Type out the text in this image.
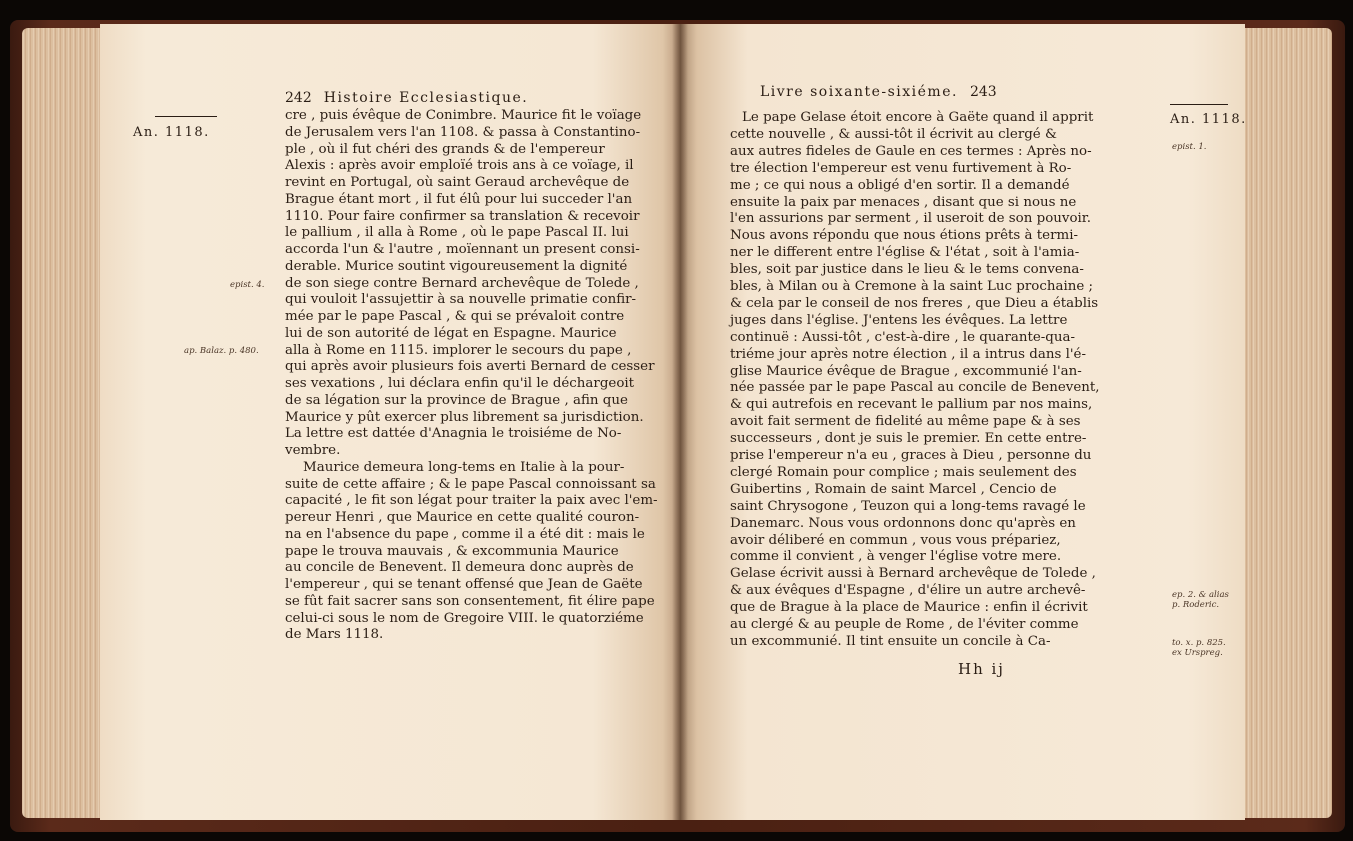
242 Histoire Ecclesiastique.
An. 1118.
epist. 4.
ap. Balaz. p. 480.
cre , puis évêque de Conimbre. Maurice fit le voïage
de Jerusalem vers l'an 1108. & passa à Constantino-
ple , où il fut chéri des grands & de l'empereur
Alexis : après avoir emploïé trois ans à ce voïage, il
revint en Portugal, où saint Geraud archevêque de
Brague étant mort , il fut élû pour lui succeder l'an
1110. Pour faire confirmer sa translation & recevoir
le pallium , il alla à Rome , où le pape Pascal II. lui
accorda l'un & l'autre , moïennant un present consi-
derable. Murice soutint vigoureusement la dignité
de son siege contre Bernard archevêque de Tolede ,
qui vouloit l'assujettir à sa nouvelle primatie confir-
mée par le pape Pascal , & qui se prévaloit contre
lui de son autorité de légat en Espagne. Maurice
alla à Rome en 1115. implorer le secours du pape ,
qui après avoir plusieurs fois averti Bernard de cesser
ses vexations , lui déclara enfin qu'il le déchargeoit
de sa légation sur la province de Brague , afin que
Maurice y pût exercer plus librement sa jurisdiction.
La lettre est dattée d'Anagnia le troisiéme de No-
vembre.
Maurice demeura long-tems en Italie à la pour-
suite de cette affaire ; & le pape Pascal connoissant sa
capacité , le fit son légat pour traiter la paix avec l'em-
pereur Henri , que Maurice en cette qualité couron-
na en l'absence du pape , comme il a été dit : mais le
pape le trouva mauvais , & excommunia Maurice
au concile de Benevent. Il demeura donc auprès de
l'empereur , qui se tenant offensé que Jean de Gaëte
se fût fait sacrer sans son consentement, fit élire pape
celui-ci sous le nom de Gregoire VIII. le quatorziéme
de Mars 1118.
Livre soixante-sixiéme. 243
An. 1118.
epist. 1.
ep. 2. & alias p. Roderic.
to. x. p. 825. ex Urspreg.
Le pape Gelase étoit encore à Gaëte quand il apprit
cette nouvelle , & aussi-tôt il écrivit au clergé &
aux autres fideles de Gaule en ces termes : Après no-
tre élection l'empereur est venu furtivement à Ro-
me ; ce qui nous a obligé d'en sortir. Il a demandé
ensuite la paix par menaces , disant que si nous ne
l'en assurions par serment , il useroit de son pouvoir.
Nous avons répondu que nous étions prêts à termi-
ner le different entre l'église & l'état , soit à l'amia-
bles, soit par justice dans le lieu & le tems convena-
bles, à Milan ou à Cremone à la saint Luc prochaine ;
& cela par le conseil de nos freres , que Dieu a établis
juges dans l'église. J'entens les évêques. La lettre
continuë : Aussi-tôt , c'est-à-dire , le quarante-qua-
triéme jour après notre élection , il a intrus dans l'é-
glise Maurice évêque de Brague , excommunié l'an-
née passée par le pape Pascal au concile de Benevent,
& qui autrefois en recevant le pallium par nos mains,
avoit fait serment de fidelité au même pape & à ses
successeurs , dont je suis le premier. En cette entre-
prise l'empereur n'a eu , graces à Dieu , personne du
clergé Romain pour complice ; mais seulement des
Guibertins , Romain de saint Marcel , Cencio de
saint Chrysogone , Teuzon qui a long-tems ravagé le
Danemarc. Nous vous ordonnons donc qu'après en
avoir déliberé en commun , vous vous prépariez,
comme il convient , à venger l'église votre mere.
Gelase écrivit aussi à Bernard archevêque de Tolede ,
& aux évêques d'Espagne , d'élire un autre archevê-
que de Brague à la place de Maurice : enfin il écrivit
au clergé & au peuple de Rome , de l'éviter comme
un excommunié. Il tint ensuite un concile à Ca-
Hh ij
